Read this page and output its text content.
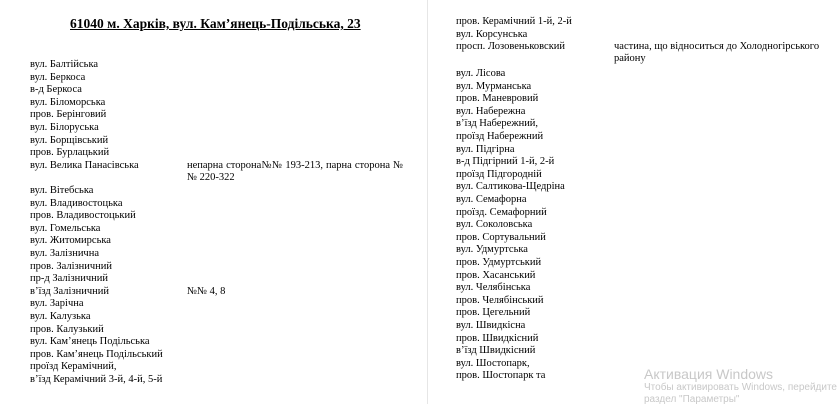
61040 м. Харків, вул. Кам’янець-Подільська, 23
вул. Балтійська
вул. Беркоса
в-д Беркоса
вул. Біломорська
пров. Берінговий
вул. Білоруська
вул. Борщівський
пров. Бурлацький
вул. Велика Панасівська
вул. Вітебська
вул. Владивостоцька
пров. Владивостоцький
вул. Гомельська
вул. Житомирська
вул. Залізнична
пров. Залізничний
пр-д Залізничний
в’їзд Залізничний
вул. Зарічна
вул. Калузька
пров. Калузький
вул. Кам’янець Подільська
пров. Кам’янець Подільський
проїзд Керамічний,
в’їзд Керамічний 3-й, 4-й, 5-й
непарна сторона№№ 193-213, парна сторона №№ 220-322
№№ 4, 8
пров. Керамічний 1-й, 2-й
вул. Корсунська
просп. Лозовеньковский	частина, що відноситься до Холодногірського району
вул. Лісова
вул. Мурманська
пров. Маневровий
вул. Набережна
в’їзд Набережний,
проїзд Набережний
вул. Підгірна
в-д Підгірний 1-й, 2-й
проїзд Підгородній
вул. Салтикова-Щедріна
вул. Семафорна
проїзд. Семафорний
вул. Соколовська
пров. Сортувальний
вул. Удмуртська
пров. Удмуртський
пров. Хасанський
вул. Челябінська
пров. Челябінський
пров. Цегельний
вул. Швидкісна
пров. Швидкісний
в’їзд Швидкісний
вул. Шостопарк,
пров. Шостопарк та	Активация Windows
Чтобы активировать Windows, перейдите
раздел "Параметры"
